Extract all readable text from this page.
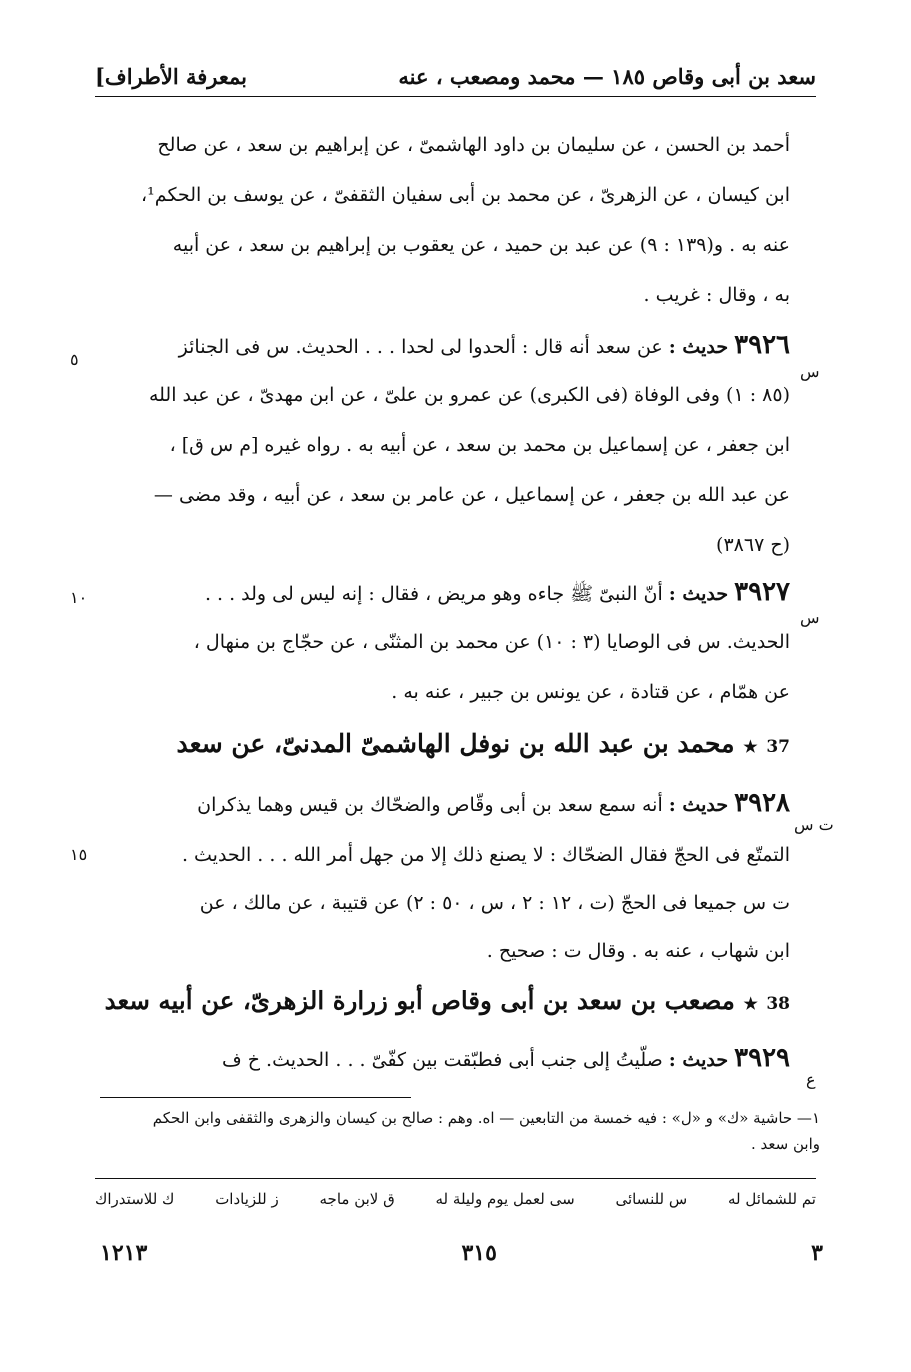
بمعرفة الأطراف]	سعد بن أبى وقاص ١٨٥ — محمد ومصعب ، عنه
أحمد بن الحسن ، عن سليمان بن داود الهاشمىّ ، عن إبراهيم بن سعد ، عن صالح
ابن كيسان ، عن الزهرىّ ، عن محمد بن أبى سفيان الثقفىّ ، عن يوسف بن الحكم¹،
عنه به . و(١٣٩ : ٩) عن عبد بن حميد ، عن يعقوب بن إبراهيم بن سعد ، عن أبيه
به ، وقال : غريب .
٣٩٢٦ حديث : عن سعد أنه قال : ألحدوا لى لحدا . . . الحديث. س فى الجنائز
(٨٥ : ١) وفى الوفاة (فى الكبرى) عن عمرو بن علىّ ، عن ابن مهدىّ ، عن عبد الله
ابن جعفر ، عن إسماعيل بن محمد بن سعد ، عن أبيه به . رواه غيره [م س ق] ،
عن عبد الله بن جعفر ، عن إسماعيل ، عن عامر بن سعد ، عن أبيه ، وقد مضى —
(ح ٣٨٦٧)
٣٩٢٧ حديث : أنّ النبىّ ﷺ جاءه وهو مريض ، فقال : إنه ليس لى ولد . . .
الحديث. س فى الوصايا (٣ : ١٠) عن محمد بن المثنّى ، عن حجّاج بن منهال ،
عن همّام ، عن قتادة ، عن يونس بن جبير ، عنه به .
37 ★ محمد بن عبد الله بن نوفل الهاشمىّ المدنىّ، عن سعد
٣٩٢٨ حديث : أنه سمع سعد بن أبى وقّاص والضحّاك بن قيس وهما يذكران
التمتّع فى الحجّ فقال الضحّاك : لا يصنع ذلك إلا من جهل أمر الله . . . الحديث .
ت س جميعا فى الحجّ (ت ، ١٢ : ٢ ، س ، ٥٠ : ٢) عن قتيبة ، عن مالك ، عن
ابن شهاب ، عنه به . وقال ت : صحيح .
38 ★ مصعب بن سعد بن أبى وقاص أبو زرارة الزهرىّ، عن أبيه سعد
٣٩٢٩ حديث : صلّيتُ إلى جنب أبى فطبّقت بين كفّىّ . . . الحديث. خ ف
س
س
ت س
ع
٥
١٠
١٥
١— حاشية «ك» و «ل» : فيه خمسة من التابعين — اه. وهم : صالح بن كيسان والزهرى والثقفى وابن الحكم
وابن سعد .
تم للشمائل له
س للنسائى
سى لعمل يوم وليلة له
ق لابن ماجه
ز للزيادات
ك للاستدراك
١٢١٣	٣١٥	٣
